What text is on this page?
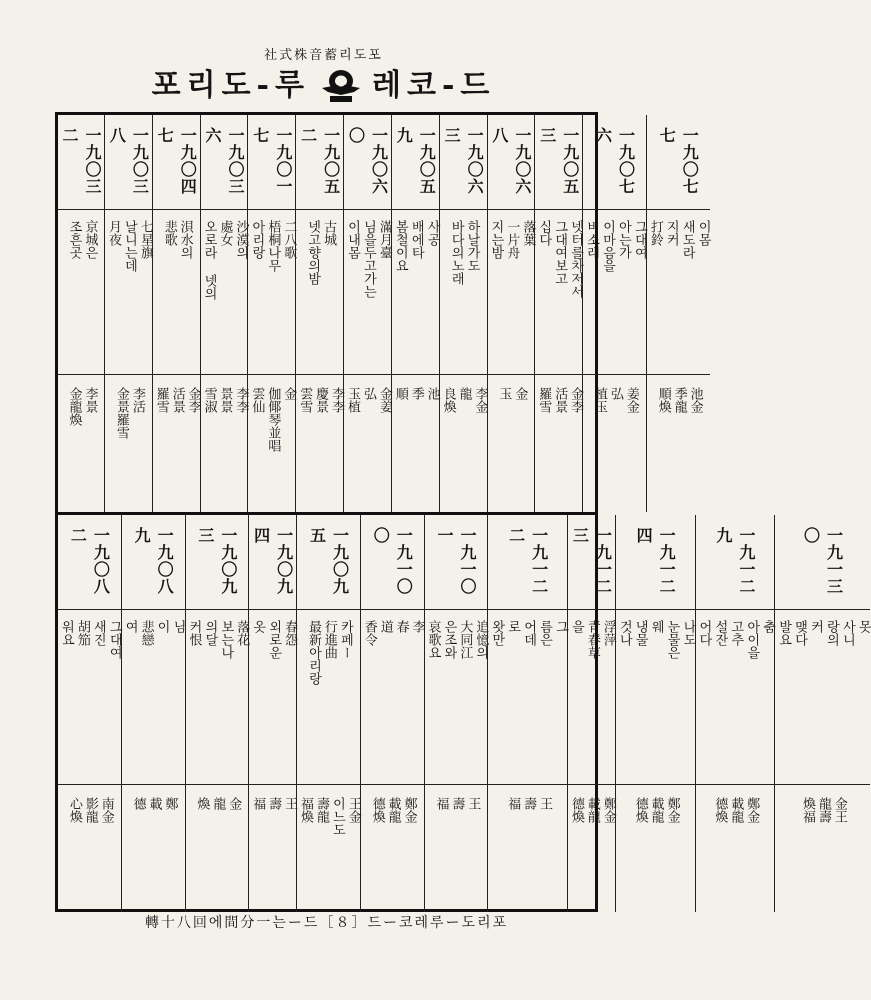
社式株音蓄리도포
포리도-루 레코-드
一九〇三二
京城은
조흔곳
李景
金龍煥
一九〇三八
七星旗
날니는데
月夜
李活
金景羅雪
一九〇四七
浿水의
悲歌
金李
活景
羅雪
一九〇三六
沙漠의
處女
오로라 넷의
李李
景景
雪淑
一九〇一七
二八歌
梧桐나무
아리랑
金
伽倻琴並唱
雲仙
一九〇五二
古城
넷고향의밤
李李
慶景
雲雪
一九〇六〇
滿月臺
님을두고가는
이내몸
金姜
弘
玉植
一九〇五九
사공
배에타
봄철이요
池
季
順
一九〇六三
하날가도
바다의노래
李金
龍
良煥
一九〇六八
落葉
一片舟
지는밤
金
玉
一九〇五三
넷터를차저서
그대여보고
십다
金李
活景
羅雪
一九〇七六
그대여
아는가
이마음을
비소래
姜金
弘
植玉
一九〇七七
이몸
새도라
지커
打鈴
池金
季龍
順煥
一九〇八二
그대여
새진
胡笳
워요
南金
影龍
心煥
一九〇八九
님
이
悲戀
여
鄭
載
德
一九〇九三
落花
보는나
의달
커恨
金
龍
煥
一九〇九四
春怨
외로운
옷
王
壽
福
一九〇九五
카페ー
行進曲
最新아리랑
王金
이느도
壽龍
福煥
一九一〇〇
李
春
道
香令
鄭金
載龍
德煥
一九一〇一
追憶의
大同江
은조와
哀歌요
王
壽
福
一九一二二
그
름은
어데
로
왓만
王
壽
福
一九一二三
浮萍
青春草
을
鄭金
載龍
德煥
一九一二四
나도
눈물은
웨
냉물
것나
鄭金
載龍
德煥
一九一二九
춤
아이을
고추
설잔
어다
鄭金
載龍
德煥
一九一三〇
못
사니
랑의
커
맺다
발요
金王
龍壽
煥福
轉十八回에間分一는ー드［８］드ー코레루ー도리포
